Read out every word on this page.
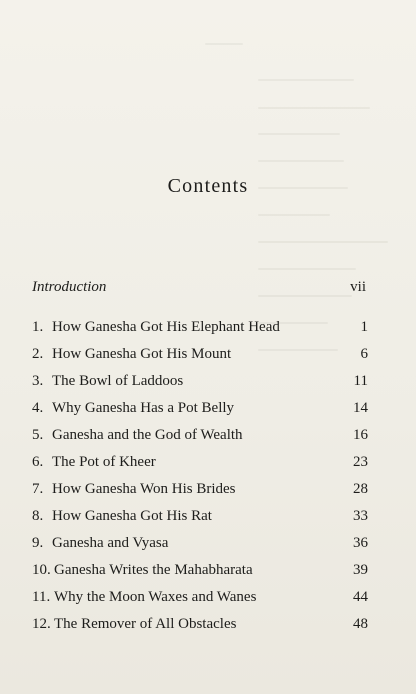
Contents
Introduction	vii
1. How Ganesha Got His Elephant Head	1
2. How Ganesha Got His Mount	6
3. The Bowl of Laddoos	11
4. Why Ganesha Has a Pot Belly	14
5. Ganesha and the God of Wealth	16
6. The Pot of Kheer	23
7. How Ganesha Won His Brides	28
8. How Ganesha Got His Rat	33
9. Ganesha and Vyasa	36
10. Ganesha Writes the Mahabharata	39
11. Why the Moon Waxes and Wanes	44
12. The Remover of All Obstacles	48
